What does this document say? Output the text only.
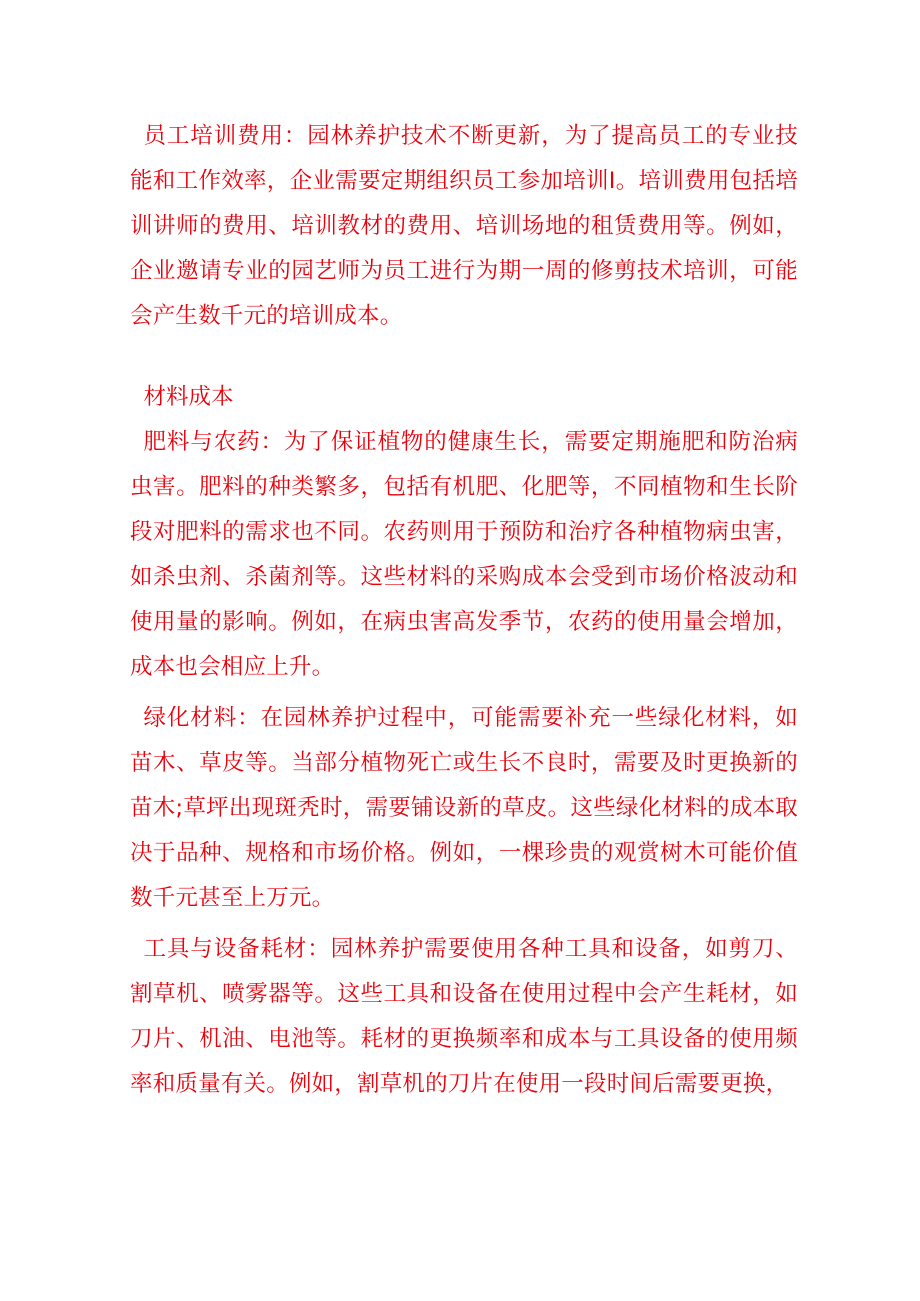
员工培训费用：园林养护技术不断更新，为了提高员工的专业技能和工作效率，企业需要定期组织员工参加培训I。培训费用包括培训讲师的费用、培训教材的费用、培训场地的租赁费用等。例如，企业邀请专业的园艺师为员工进行为期一周的修剪技术培训，可能会产生数千元的培训成本。

材料成本

肥料与农药：为了保证植物的健康生长，需要定期施肥和防治病虫害。肥料的种类繁多，包括有机肥、化肥等，不同植物和生长阶段对肥料的需求也不同。农药则用于预防和治疗各种植物病虫害，如杀虫剂、杀菌剂等。这些材料的采购成本会受到市场价格波动和使用量的影响。例如，在病虫害高发季节，农药的使用量会增加，成本也会相应上升。

绿化材料：在园林养护过程中，可能需要补充一些绿化材料，如苗木、草皮等。当部分植物死亡或生长不良时，需要及时更换新的苗木;草坪出现斑秃时，需要铺设新的草皮。这些绿化材料的成本取决于品种、规格和市场价格。例如，一棵珍贵的观赏树木可能价值数千元甚至上万元。

工具与设备耗材：园林养护需要使用各种工具和设备，如剪刀、割草机、喷雾器等。这些工具和设备在使用过程中会产生耗材，如刀片、机油、电池等。耗材的更换频率和成本与工具设备的使用频率和质量有关。例如，割草机的刀片在使用一段时间后需要更换，
